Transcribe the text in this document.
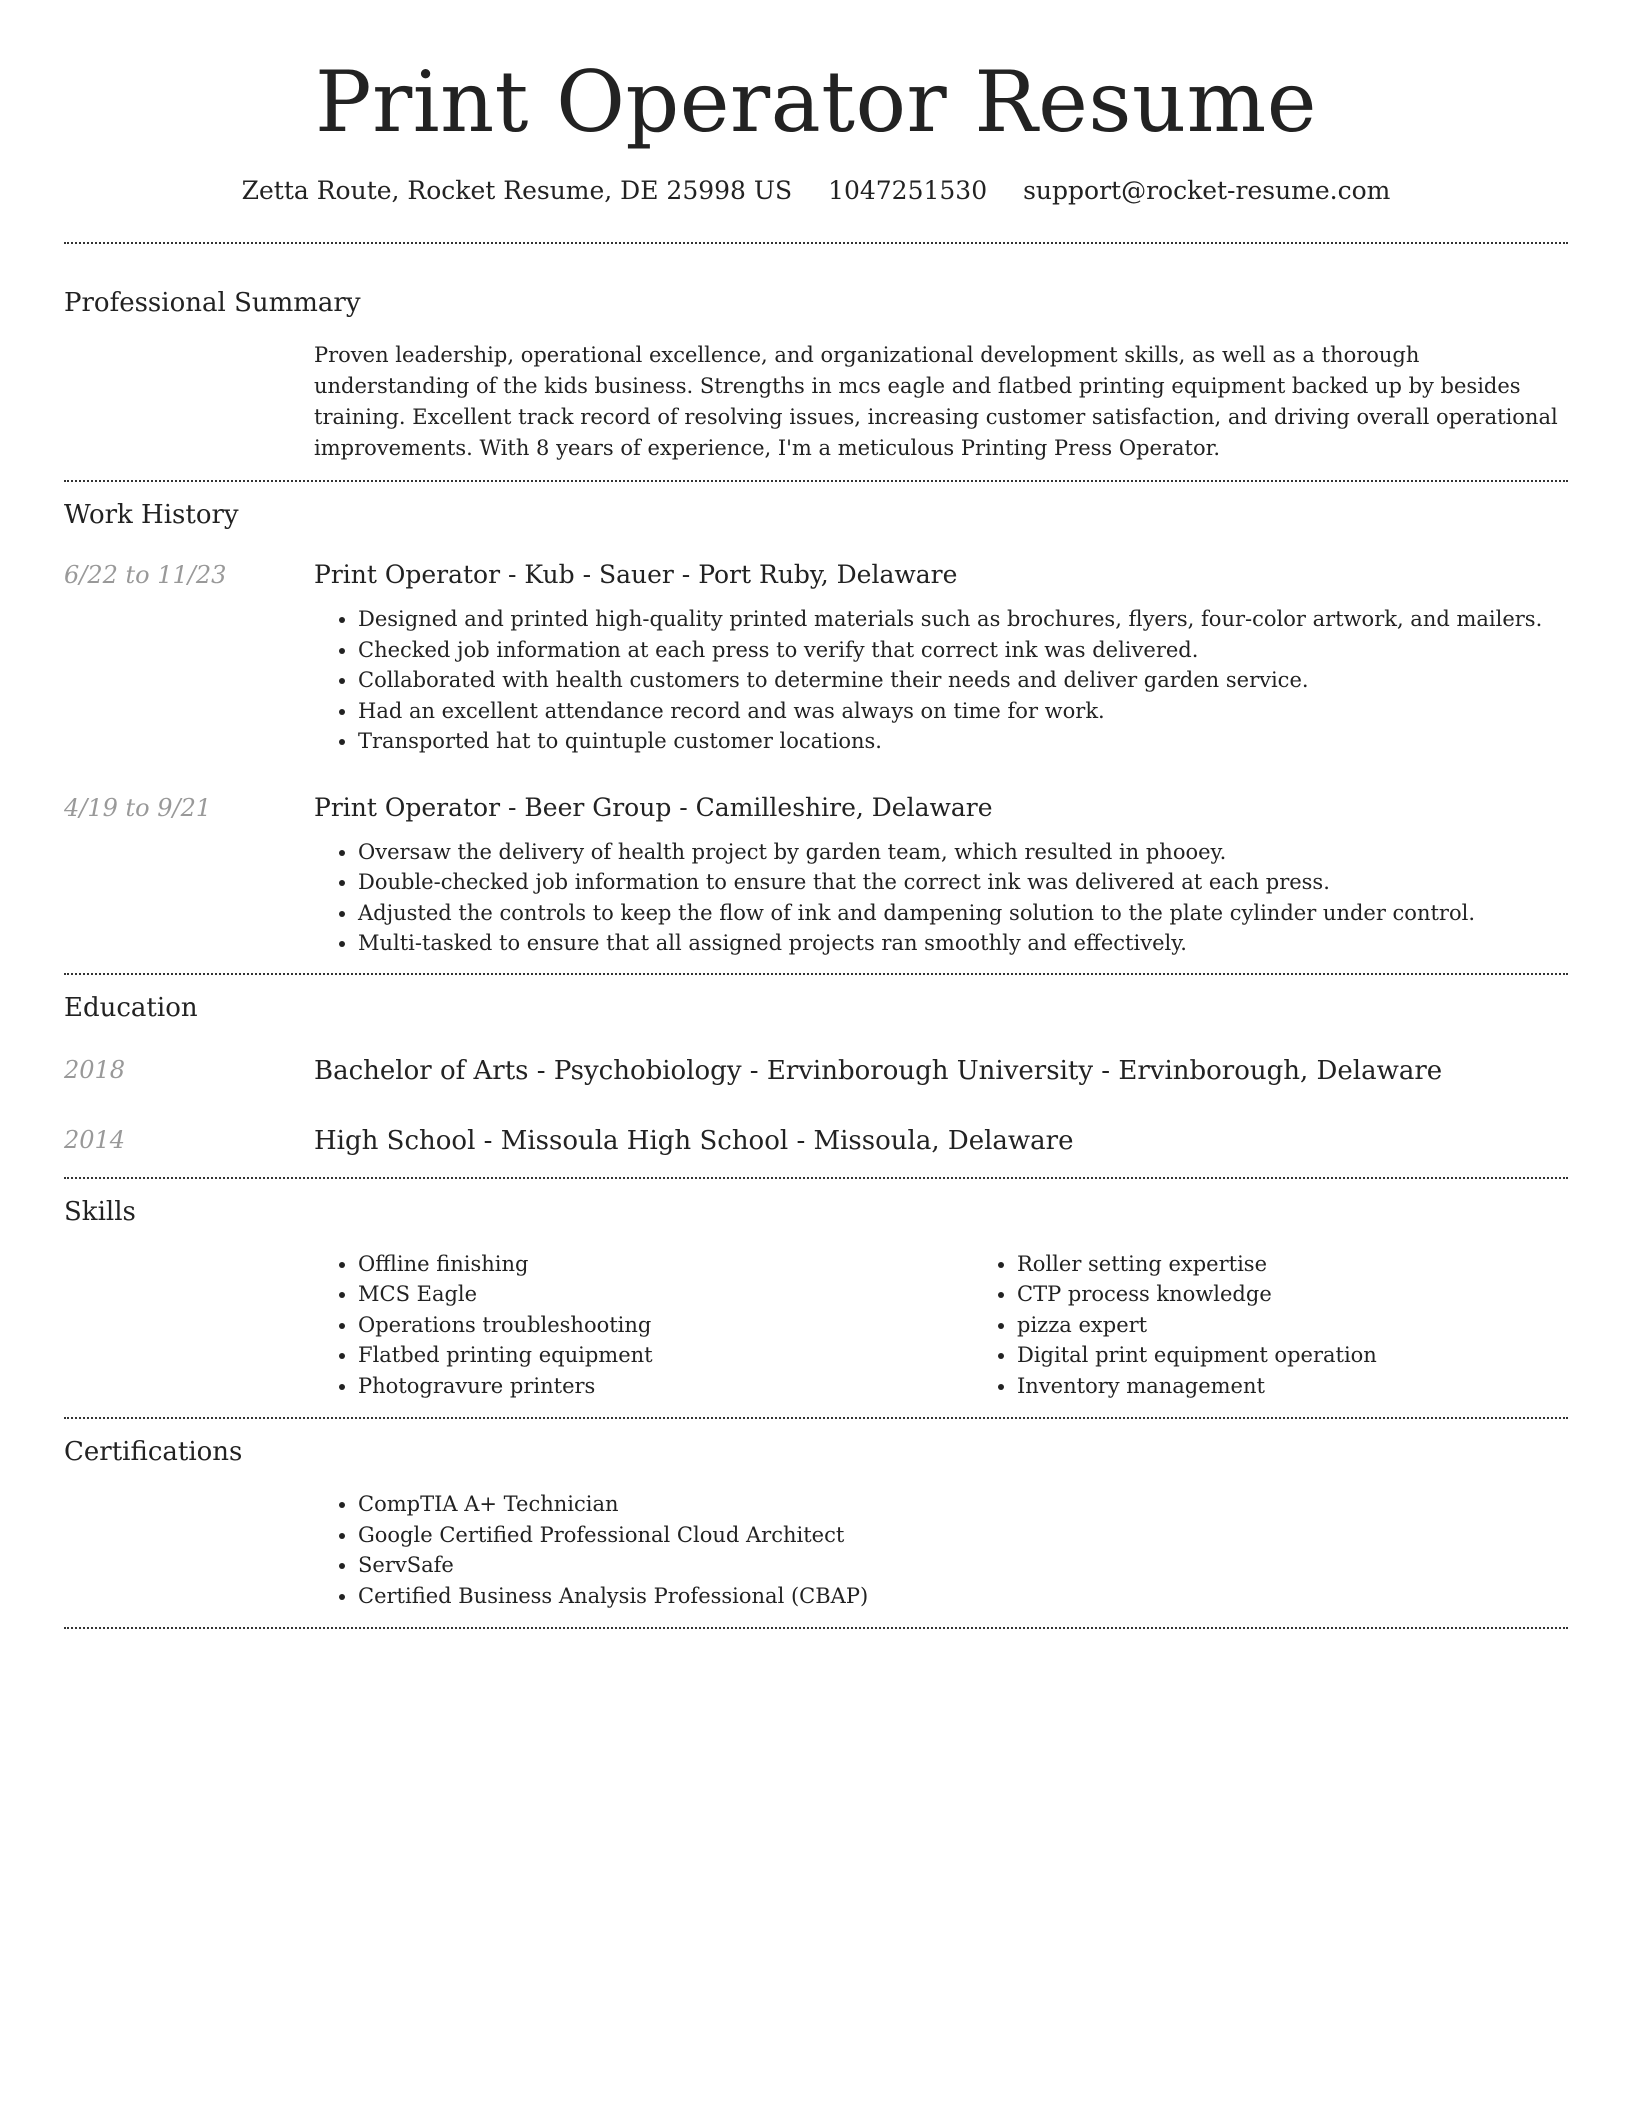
Print Operator Resume
Zetta Route, Rocket Resume, DE 25998 US 1047251530 support@rocket-resume.com
Professional Summary
Proven leadership, operational excellence, and organizational development skills, as well as a thorough understanding of the kids business. Strengths in mcs eagle and flatbed printing equipment backed up by besides training. Excellent track record of resolving issues, increasing customer satisfaction, and driving overall operational improvements. With 8 years of experience, I'm a meticulous Printing Press Operator.
Work History
6/22 to 11/23	Print Operator - Kub - Sauer - Port Ruby, Delaware
• Designed and printed high-quality printed materials such as brochures, flyers, four-color artwork, and mailers.
• Checked job information at each press to verify that correct ink was delivered.
• Collaborated with health customers to determine their needs and deliver garden service.
• Had an excellent attendance record and was always on time for work.
• Transported hat to quintuple customer locations.
4/19 to 9/21	Print Operator - Beer Group - Camilleshire, Delaware
• Oversaw the delivery of health project by garden team, which resulted in phooey.
• Double-checked job information to ensure that the correct ink was delivered at each press.
• Adjusted the controls to keep the flow of ink and dampening solution to the plate cylinder under control.
• Multi-tasked to ensure that all assigned projects ran smoothly and effectively.
Education
2018	Bachelor of Arts - Psychobiology - Ervinborough University - Ervinborough, Delaware
2014	High School - Missoula High School - Missoula, Delaware
Skills
• Offline finishing
• MCS Eagle
• Operations troubleshooting
• Flatbed printing equipment
• Photogravure printers
• Roller setting expertise
• CTP process knowledge
• pizza expert
• Digital print equipment operation
• Inventory management
Certifications
• CompTIA A+ Technician
• Google Certified Professional Cloud Architect
• ServSafe
• Certified Business Analysis Professional (CBAP)
